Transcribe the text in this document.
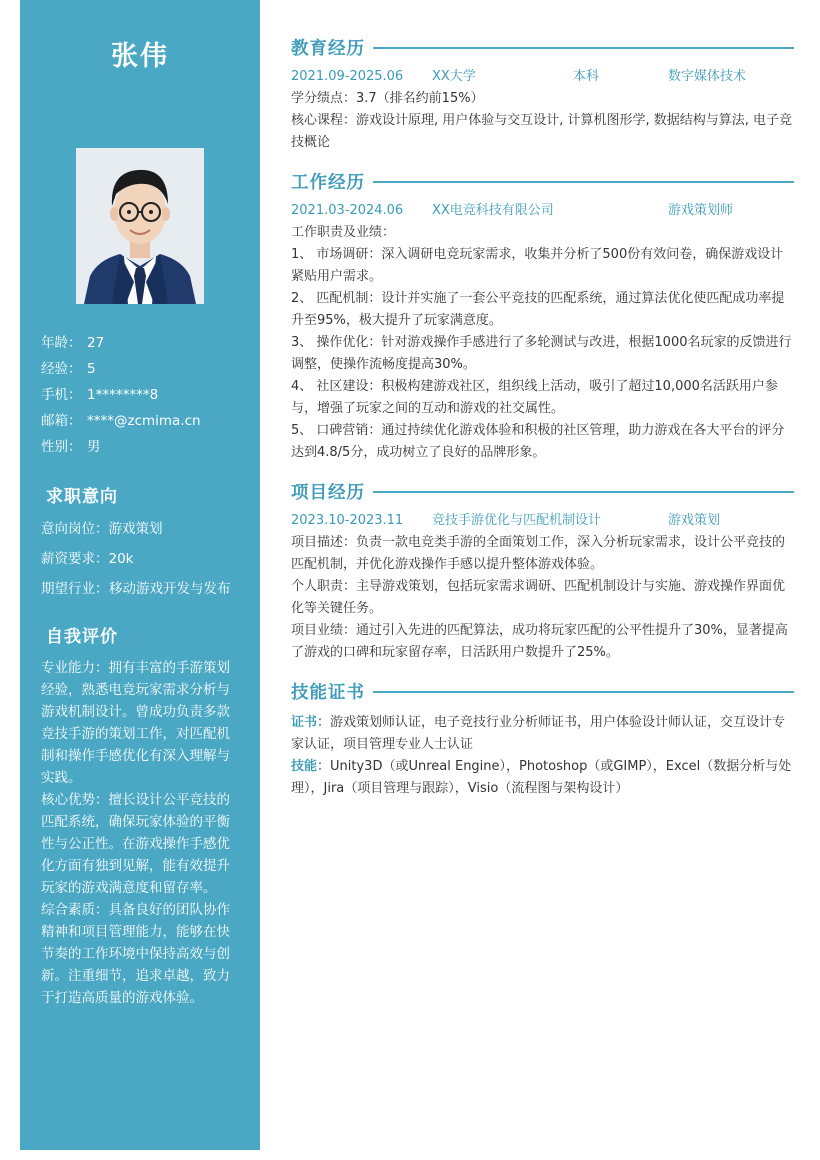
张伟
年龄： 27
经验： 5
手机： 1********8
邮箱： ****@zcmima.cn
性别： 男
求职意向
意向岗位：游戏策划
薪资要求：20k
期望行业： 移动游戏开发与发布
自我评价

专业能力：拥有丰富的手游策划经验，熟悉电竞玩家需求分析与游戏机制设计。曾成功负责多款竞技手游的策划工作，对匹配机制和操作手感优化有深入理解与实践。

核心优势：擅长设计公平竞技的匹配系统，确保玩家体验的平衡性与公正性。在游戏操作手感优化方面有独到见解，能有效提升玩家的游戏满意度和留存率。

综合素质：具备良好的团队协作精神和项目管理能力，能够在快节奏的工作环境中保持高效与创新。注重细节，追求卓越，致力于打造高质量的游戏体验。

教育经历
2021.09-2025.06	XX大学	本科	数字媒体技术

学分绩点：3.7（排名约前15%）

核心课程：游戏设计原理, 用户体验与交互设计, 计算机图形学, 数据结构与算法, 电子竞技概论

工作经历
2021.03-2024.06	XX电竞科技有限公司	游戏策划师

工作职责及业绩：

1、 市场调研：深入调研电竞玩家需求，收集并分析了500份有效问卷，确保游戏设计紧贴用户需求。

2、 匹配机制：设计并实施了一套公平竞技的匹配系统，通过算法优化使匹配成功率提升至95%，极大提升了玩家满意度。

3、 操作优化：针对游戏操作手感进行了多轮测试与改进，根据1000名玩家的反馈进行调整，使操作流畅度提高30%。

4、 社区建设：积极构建游戏社区，组织线上活动，吸引了超过10,000名活跃用户参与，增强了玩家之间的互动和游戏的社交属性。

5、 口碑营销：通过持续优化游戏体验和积极的社区管理，助力游戏在各大平台的评分达到4.8/5分，成功树立了良好的品牌形象。

项目经历
2023.10-2023.11	竞技手游优化与匹配机制设计	游戏策划

项目描述：负责一款电竞类手游的全面策划工作，深入分析玩家需求，设计公平竞技的匹配机制，并优化游戏操作手感以提升整体游戏体验。

个人职责：主导游戏策划，包括玩家需求调研、匹配机制设计与实施、游戏操作界面优化等关键任务。

项目业绩：通过引入先进的匹配算法，成功将玩家匹配的公平性提升了30%，显著提高了游戏的口碑和玩家留存率，日活跃用户数提升了25%。

技能证书

证书：游戏策划师认证，电子竞技行业分析师证书，用户体验设计师认证，交互设计专家认证，项目管理专业人士认证

技能：Unity3D（或Unreal Engine），Photoshop（或GIMP），Excel（数据分析与处理），Jira（项目管理与跟踪），Visio（流程图与架构设计）
